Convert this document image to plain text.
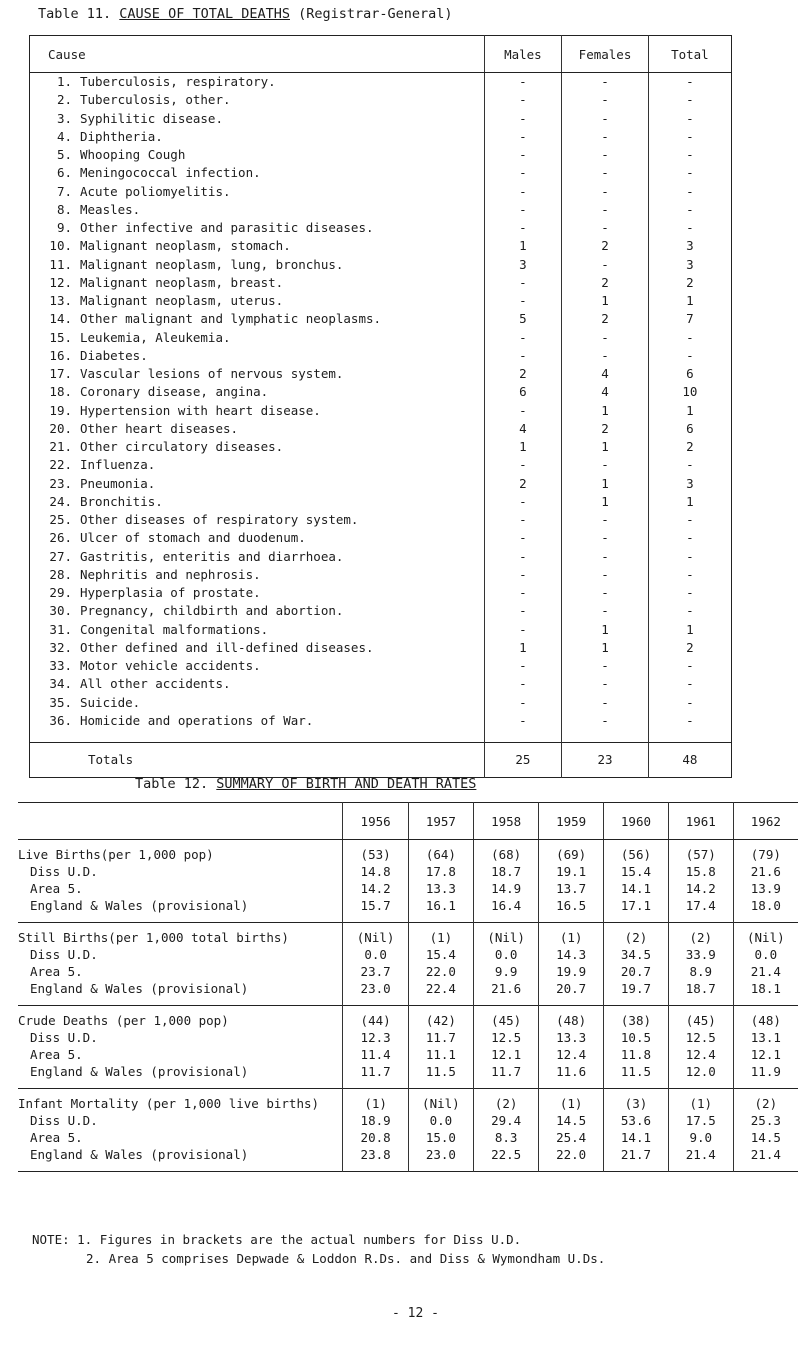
Table 11. CAUSE OF TOTAL DEATHS (Registrar-General)
Cause	Males	Females	Total
1. Tuberculosis, respiratory.	-	-	-
2. Tuberculosis, other.	-	-	-
3. Syphilitic disease.	-	-	-
4. Diphtheria.	-	-	-
5. Whooping Cough	-	-	-
6. Meningococcal infection.	-	-	-
7. Acute poliomyelitis.	-	-	-
8. Measles.	-	-	-
9. Other infective and parasitic diseases.	-	-	-
10. Malignant neoplasm, stomach.	1	2	3
11. Malignant neoplasm, lung, bronchus.	3	-	3
12. Malignant neoplasm, breast.	-	2	2
13. Malignant neoplasm, uterus.	-	1	1
14. Other malignant and lymphatic neoplasms.	5	2	7
15. Leukemia, Aleukemia.	-	-	-
16. Diabetes.	-	-	-
17. Vascular lesions of nervous system.	2	4	6
18. Coronary disease, angina.	6	4	10
19. Hypertension with heart disease.	-	1	1
20. Other heart diseases.	4	2	6
21. Other circulatory diseases.	1	1	2
22. Influenza.	-	-	-
23. Pneumonia.	2	1	3
24. Bronchitis.	-	1	1
25. Other diseases of respiratory system.	-	-	-
26. Ulcer of stomach and duodenum.	-	-	-
27. Gastritis, enteritis and diarrhoea.	-	-	-
28. Nephritis and nephrosis.	-	-	-
29. Hyperplasia of prostate.	-	-	-
30. Pregnancy, childbirth and abortion.	-	-	-
31. Congenital malformations.	-	1	1
32. Other defined and ill-defined diseases.	1	1	2
33. Motor vehicle accidents.	-	-	-
34. All other accidents.	-	-	-
35. Suicide.	-	-	-
36. Homicide and operations of War.	-	-	-

Totals	25	23	48
Table 12. SUMMARY OF BIRTH AND DEATH RATES
	1956	1957	1958	1959	1960	1961	1962
Live Births(per 1,000 pop)	(53)	(64)	(68)	(69)	(56)	(57)	(79)
Diss U.D.	14.8	17.8	18.7	19.1	15.4	15.8	21.6
Area 5.	14.2	13.3	14.9	13.7	14.1	14.2	13.9
England & Wales (provisional)	15.7	16.1	16.4	16.5	17.1	17.4	18.0

Still Births(per 1,000 total births)	(Nil)	(1)	(Nil)	(1)	(2)	(2)	(Nil)
Diss U.D.	0.0	15.4	0.0	14.3	34.5	33.9	0.0
Area 5.	23.7	22.0	9.9	19.9	20.7	8.9	21.4
England & Wales (provisional)	23.0	22.4	21.6	20.7	19.7	18.7	18.1

Crude Deaths (per 1,000 pop)	(44)	(42)	(45)	(48)	(38)	(45)	(48)
Diss U.D.	12.3	11.7	12.5	13.3	10.5	12.5	13.1
Area 5.	11.4	11.1	12.1	12.4	11.8	12.4	12.1
England & Wales (provisional)	11.7	11.5	11.7	11.6	11.5	12.0	11.9

Infant Mortality (per 1,000 live births)	(1)	(Nil)	(2)	(1)	(3)	(1)	(2)
Diss U.D.	18.9	0.0	29.4	14.5	53.6	17.5	25.3
Area 5.	20.8	15.0	8.3	25.4	14.1	9.0	14.5
England & Wales (provisional)	23.8	23.0	22.5	22.0	21.7	21.4	21.4

NOTE: 1. Figures in brackets are the actual numbers for Diss U.D.
2. Area 5 comprises Depwade & Loddon R.Ds. and Diss & Wymondham U.Ds.
- 12 -
